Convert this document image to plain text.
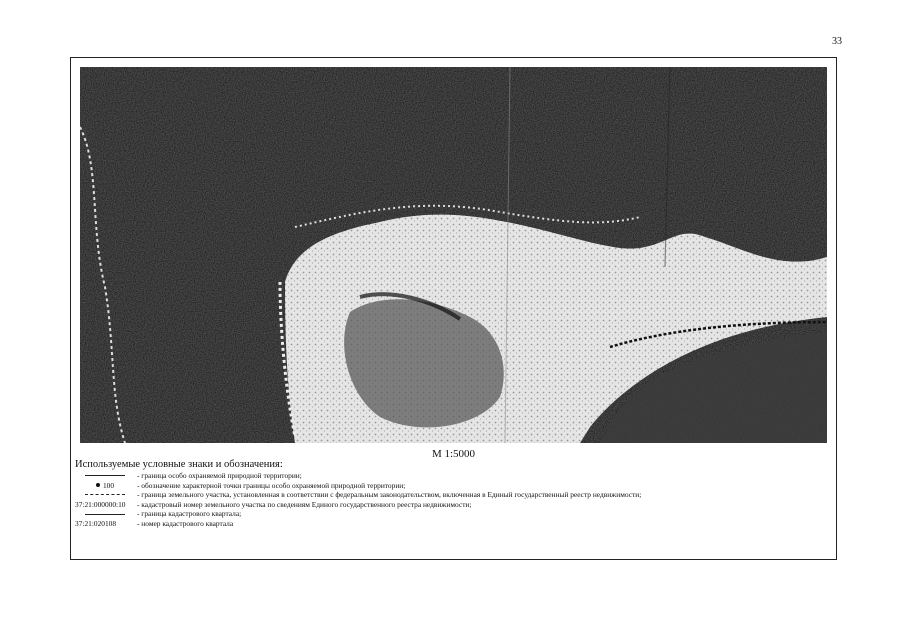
33
М 1:5000
Используемые условные знаки и обозначения:
- граница особо охраняемой природной территории;
100	- обозначение характерной точки границы особо охраняемой природной территории;
- граница земельного участка, установленная в соответствии с федеральным законодательством, включенная в Единый государственный реестр недвижимости;
37:21:000000:10	- кадастровый номер земельного участка по сведениям Единого государственного реестра недвижимости;
- граница кадастрового квартала;
37:21:020108	- номер кадастрового квартала
